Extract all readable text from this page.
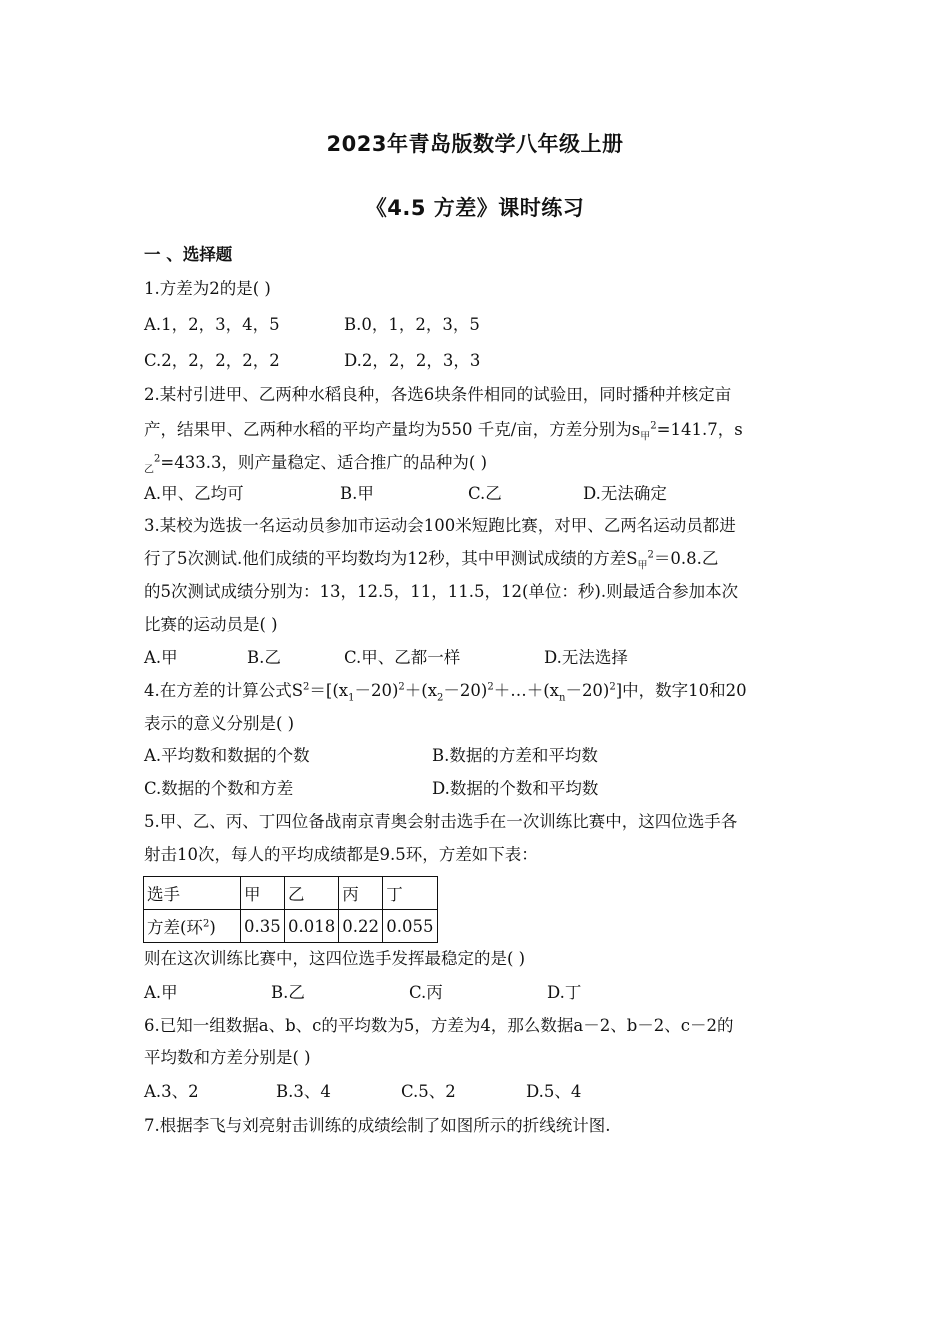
2023年青岛版数学八年级上册
《4.5 方差》课时练习
一 、选择题
1.方差为2的是( )
A.1，2，3，4，5	B.0，1，2，3，5
C.2，2，2，2，2	D.2，2，2，3，3
2.某村引进甲、乙两种水稻良种，各选6块条件相同的试验田，同时播种并核定亩
产，结果甲、乙两种水稻的平均产量均为550 千克/亩，方差分别为$s_甲^2=141.7$，s
$_乙^2$=433.3，则产量稳定、适合推广的品种为( )
A.甲、乙均可	B.甲	C.乙	D.无法确定
3.某校为选拔一名运动员参加市运动会100米短跑比赛，对甲、乙两名运动员都进
行了5次测试.他们成绩的平均数均为12秒，其中甲测试成绩的方差$S_甲^2=0.8$.乙
的5次测试成绩分别为：13，12.5，11，11.5，12(单位：秒).则最适合参加本次
比赛的运动员是( )
A.甲	B.乙	C.甲、乙都一样	D.无法选择
4.在方差的计算公式$S^2=[(x_1-20)^2+(x_2-20)^2+\dots+(x_n-20)^2]$中，数字10和20
表示的意义分别是( )
A.平均数和数据的个数	B.数据的方差和平均数
C.数据的个数和方差	D.数据的个数和平均数
5.甲、乙、丙、丁四位备战南京青奥会射击选手在一次训练比赛中，这四位选手各
射击10次，每人的平均成绩都是9.5环，方差如下表：
选手	甲	乙	丙	丁
方差(环$^2$)	0.35	0.018	0.22	0.055
则在这次训练比赛中，这四位选手发挥最稳定的是( )
A.甲	B.乙	C.丙	D.丁
6.已知一组数据a、b、c的平均数为5，方差为4，那么数据a－2、b－2、c－2的
平均数和方差分别是( )
A.3、2	B.3、4	C.5、2	D.5、4
7.根据李飞与刘亮射击训练的成绩绘制了如图所示的折线统计图.
